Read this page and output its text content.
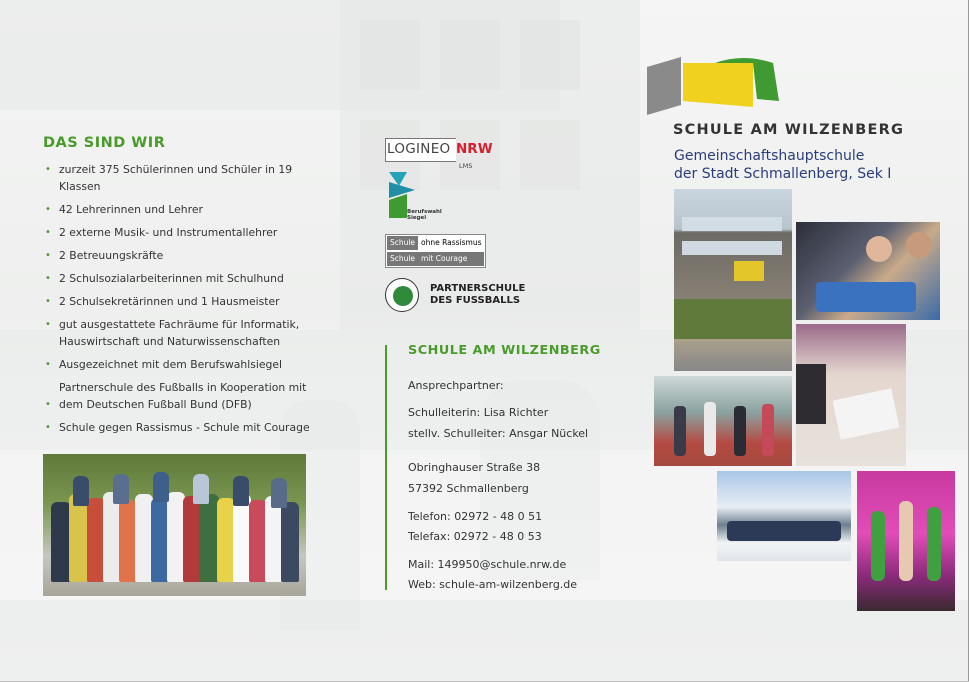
DAS SIND WIR
• zurzeit 375 Schülerinnen und Schüler in 19 Klassen
• 42 Lehrerinnen und Lehrer
• 2 externe Musik- und Instrumentallehrer
• 2 Betreuungskräfte
• 2 Schulsozialarbeiterinnen mit Schulhund
• 2 Schulsekretärinnen und 1 Hausmeister
• gut ausgestattete Fachräume für Informatik, Hauswirtschaft und Naturwissenschaften
• Ausgezeichnet mit dem Berufswahlsiegel
•
Partnerschule des Fußballs in Kooperation mit dem Deutschen Fußball Bund (DFB)
• Schule gegen Rassismus - Schule mit Courage
LOGINEO NRW
LMS
Berufswahl
Siegel
Schule ohne Rassismus
Schule mit Courage
PARTNERSCHULE
DES FUSSBALLS
SCHULE AM WILZENBERG
Ansprechpartner:
Schulleiterin: Lisa Richter
stellv. Schulleiter: Ansgar Nückel
Obringhauser Straße 38
57392 Schmallenberg
Telefon: 02972 - 48 0 51
Telefax: 02972 - 48 0 53
Mail: 149950@schule.nrw.de
Web: schule-am-wilzenberg.de
SCHULE AM WILZENBERG
Gemeinschaftshauptschule
der Stadt Schmallenberg, Sek I
